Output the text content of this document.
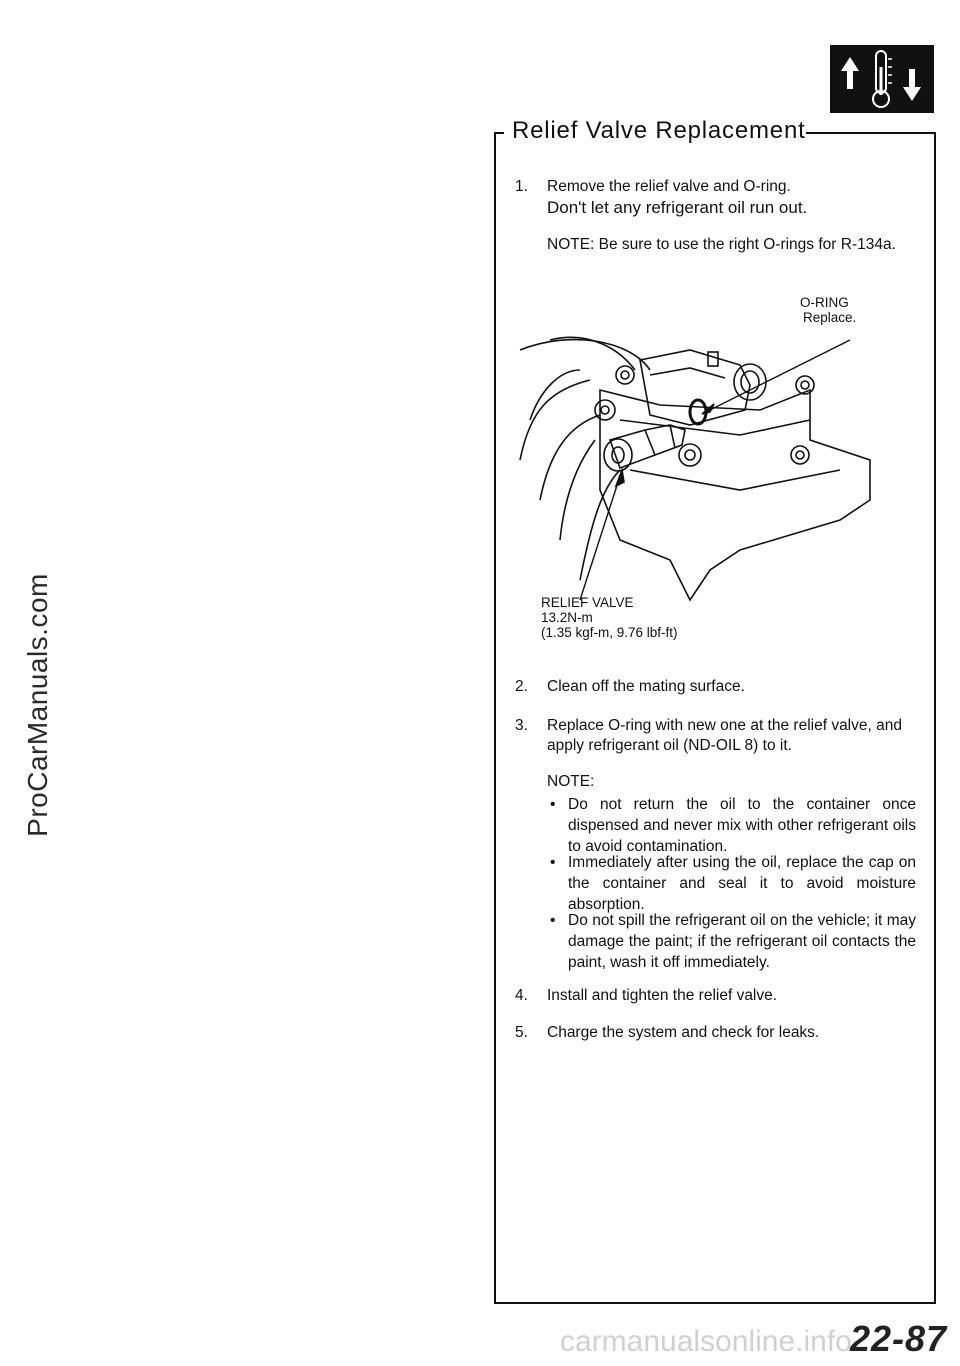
ProCarManuals.com
Relief Valve Replacement
1. Remove the relief valve and O-ring.
Don't let any refrigerant oil run out.
NOTE: Be sure to use the right O-rings for R-134a.
O-RING
Replace.
RELIEF VALVE
13.2N-m
(1.35 kgf-m, 9.76 lbf-ft)
2. Clean off the mating surface.
3. Replace O-ring with new one at the relief valve, and
apply refrigerant oil (ND-OIL 8) to it.
NOTE:
• Do not return the oil to the container once dispensed and never mix with other refrigerant oils to avoid contamination.
• Immediately after using the oil, replace the cap on the container and seal it to avoid moisture absorption.
• Do not spill the refrigerant oil on the vehicle; it may damage the paint; if the refrigerant oil contacts the paint, wash it off immediately.
4. Install and tighten the relief valve.
5. Charge the system and check for leaks.
carmanualsonline.info
22-87
